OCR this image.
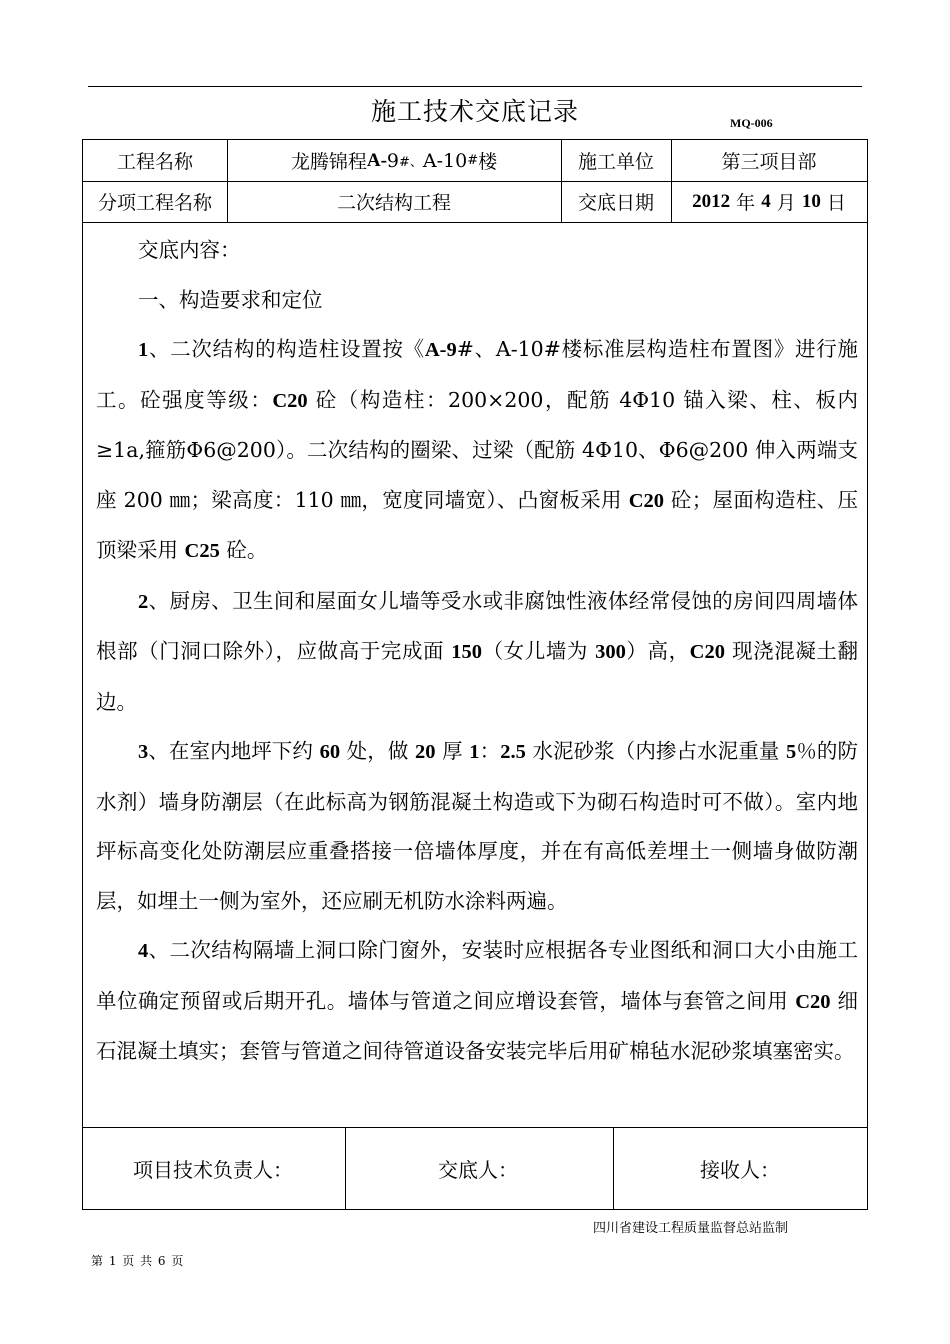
施工技术交底记录	MQ-006
工程名称	龙腾锦程 A- 9 #、 A-10 # 楼	施工单位	第三项目部
分项工程名称	二次结构工程	交底日期	2012 年 4 月 10 日

交底内容：

一、构造要求和定位

1、二次结构的构造柱设置按《A-9#、A-10#楼标准层构造柱布置图》进行施工。砼强度等级：C20 砼（构造柱：200×200，配筋 4Φ10 锚入梁、柱、板内≥1a,箍筋Φ6@200）。二次结构的圈梁、过梁（配筋 4Φ10、Φ6@200 伸入两端支座 200 ㎜；梁高度：110 ㎜，宽度同墙宽）、凸窗板采用 C20 砼；屋面构造柱、压顶梁采用 C25 砼。

2、厨房、卫生间和屋面女儿墙等受水或非腐蚀性液体经常侵蚀的房间四周墙体根部（门洞口除外），应做高于完成面 150（女儿墙为 300）高，C20 现浇混凝土翻边。

3、在室内地坪下约 60 处，做 20 厚 1：2.5 水泥砂浆（内掺占水泥重量 5％的防水剂）墙身防潮层（在此标高为钢筋混凝土构造或下为砌石构造时可不做）。室内地坪标高变化处防潮层应重叠搭接一倍墙体厚度，并在有高低差埋土一侧墙身做防潮层，如埋土一侧为室外，还应刷无机防水涂料两遍。

4、二次结构隔墙上洞口除门窗外，安装时应根据各专业图纸和洞口大小由施工单位确定预留或后期开孔。墙体与管道之间应增设套管，墙体与套管之间用 C20 细石混凝土填实；套管与管道之间待管道设备安装完毕后用矿棉毡水泥砂浆填塞密实。

项目技术负责人：	交底人：	接收人：
四川省建设工程质量监督总站监制
第 1 页 共 6 页
